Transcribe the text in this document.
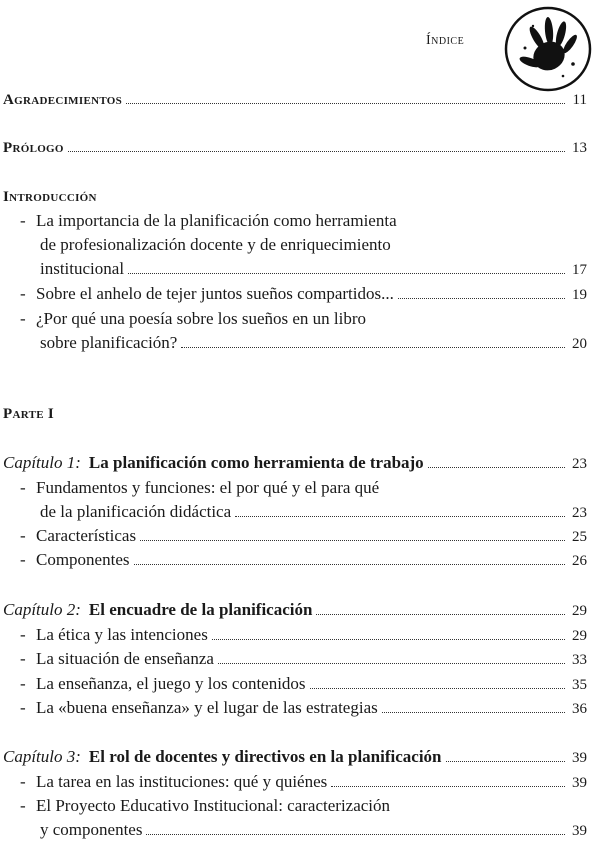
Índice
Agradecimientos	11
Prólogo	13
Introducción
- La importancia de la planificación como herramienta
de profesionalización docente y de enriquecimiento
institucional	17
- Sobre el anhelo de tejer juntos sueños compartidos...	19
- ¿Por qué una poesía sobre los sueños en un libro
sobre planificación?	20
Parte I
Capítulo 1: La planificación como herramienta de trabajo	23
- Fundamentos y funciones: el por qué y el para qué
de la planificación didáctica	23
- Características	25
- Componentes	26
Capítulo 2: El encuadre de la planificación	29
- La ética y las intenciones	29
- La situación de enseñanza	33
- La enseñanza, el juego y los contenidos	35
- La «buena enseñanza» y el lugar de las estrategias	36
Capítulo 3: El rol de docentes y directivos en la planificación	39
- La tarea en las instituciones: qué y quiénes	39
- El Proyecto Educativo Institucional: caracterización
y componentes	39
